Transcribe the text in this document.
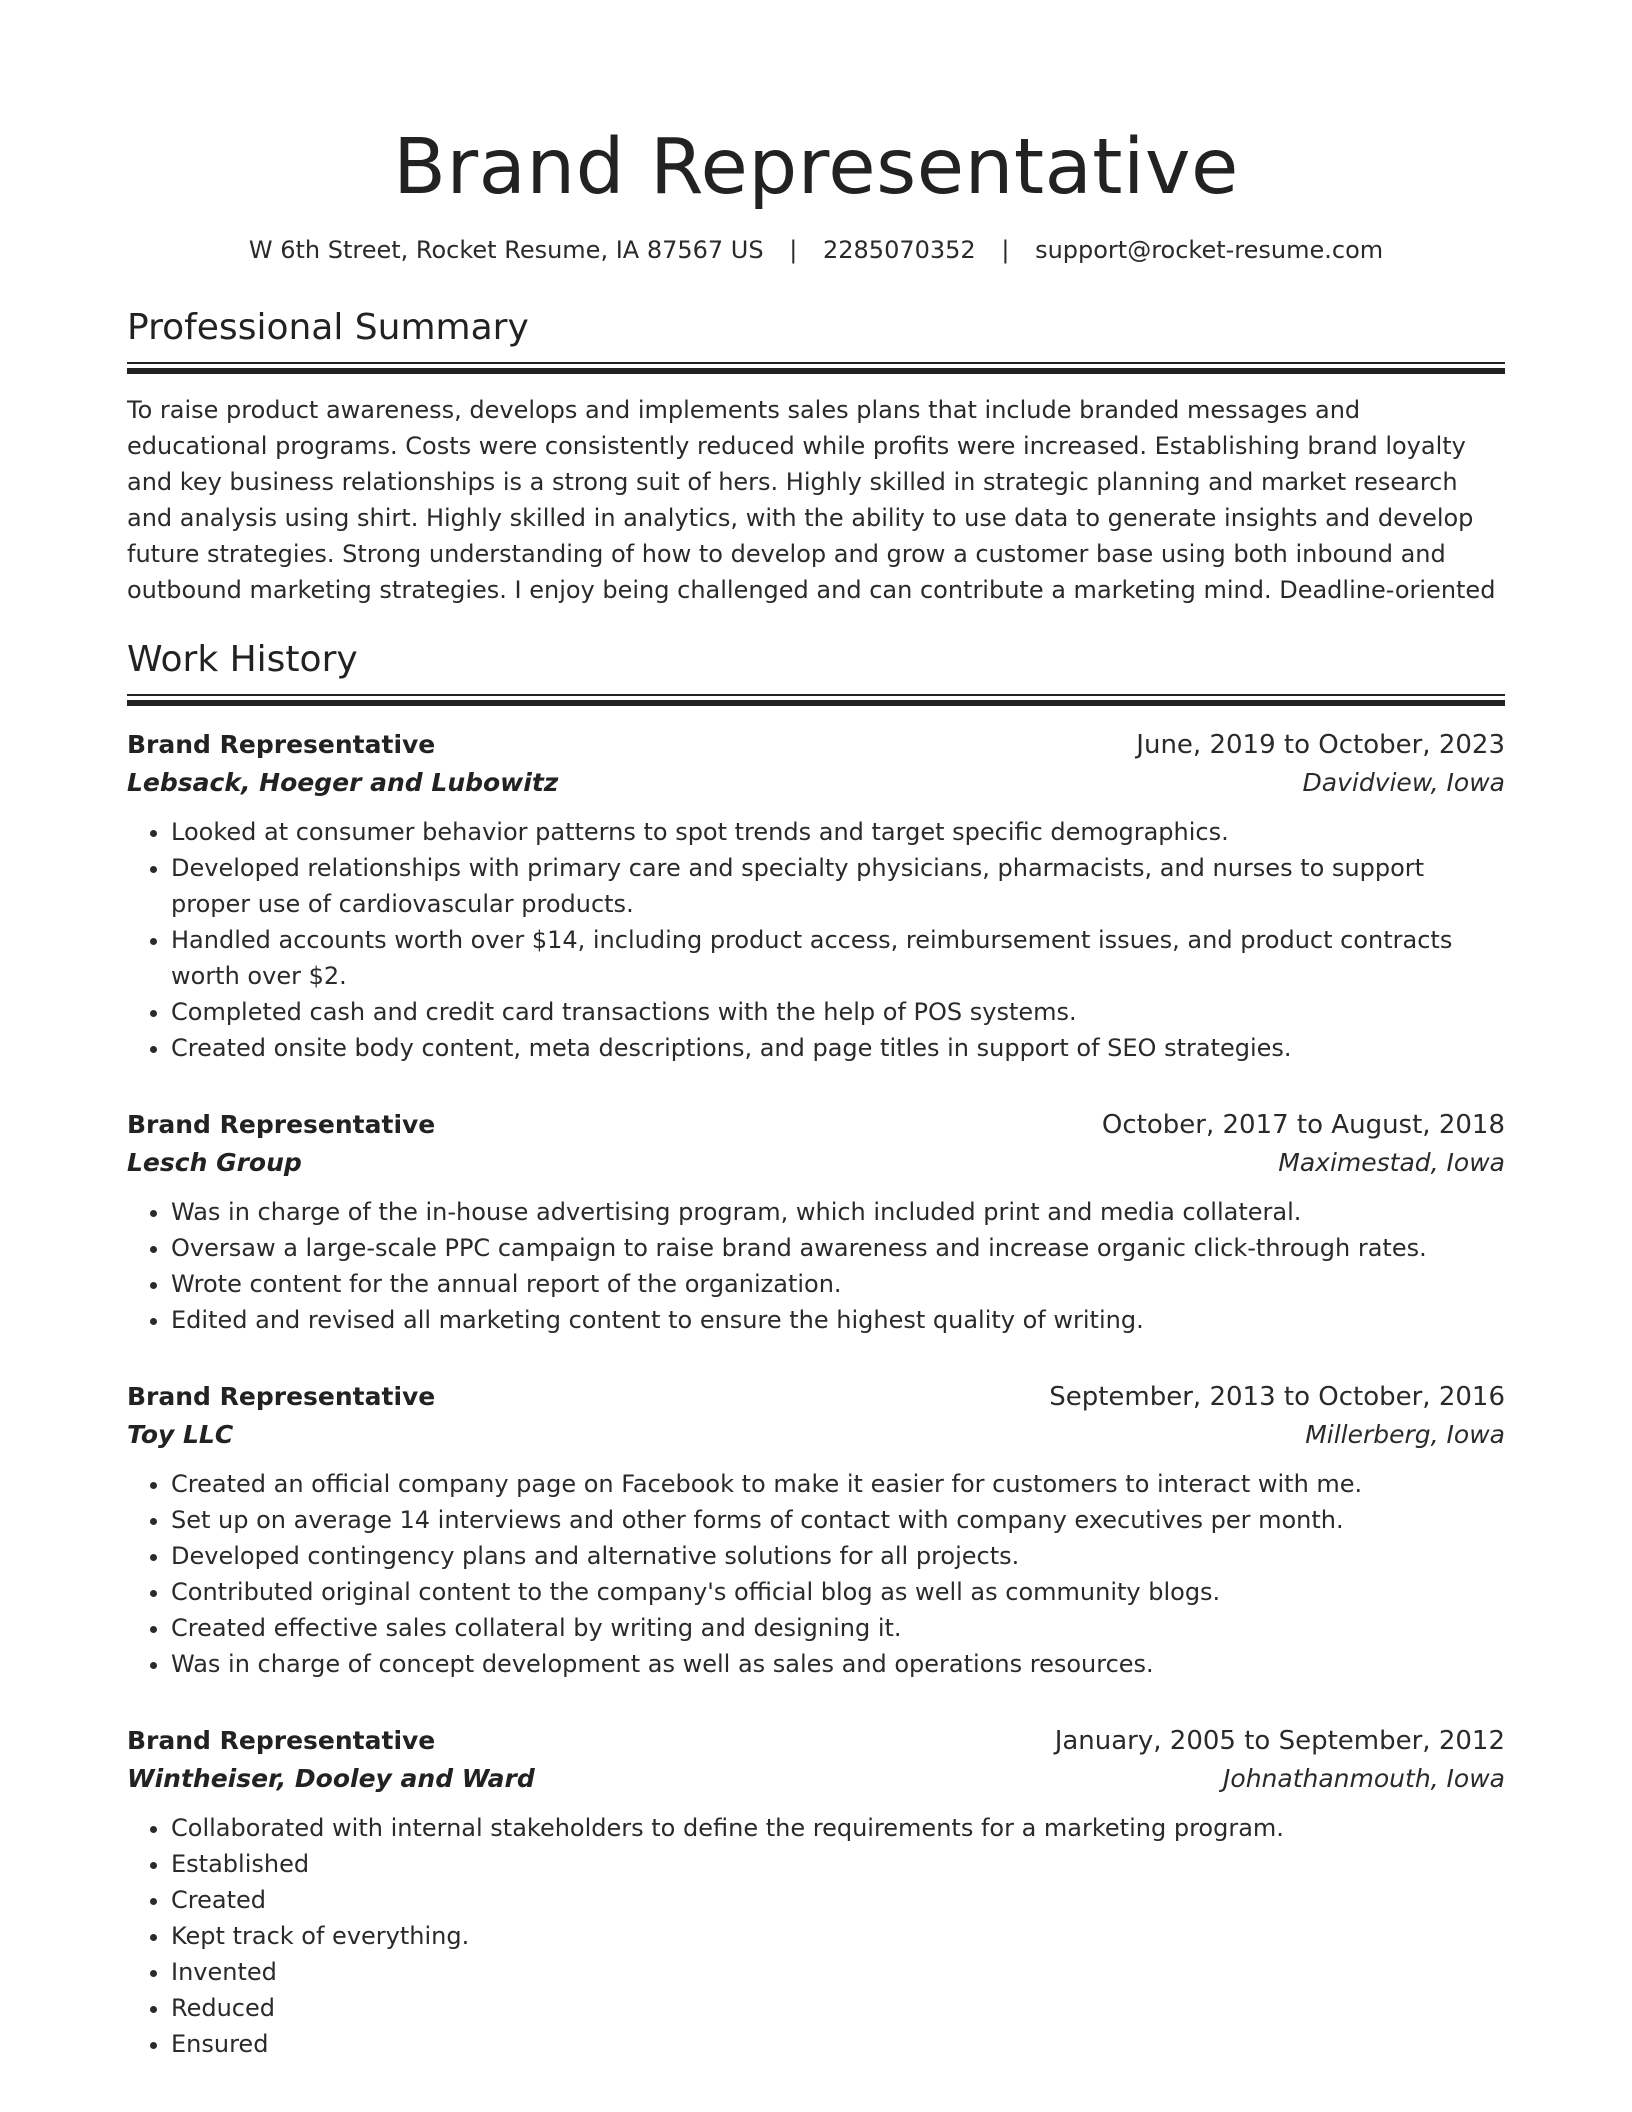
Brand Representative
W 6th Street, Rocket Resume, IA 87567 US | 2285070352 | support@rocket-resume.com
Professional Summary

To raise product awareness, develops and implements sales plans that include branded messages and educational programs. Costs were consistently reduced while profits were increased. Establishing brand loyalty and key business relationships is a strong suit of hers. Highly skilled in strategic planning and market research and analysis using shirt. Highly skilled in analytics, with the ability to use data to generate insights and develop future strategies. Strong understanding of how to develop and grow a customer base using both inbound and outbound marketing strategies. I enjoy being challenged and can contribute a marketing mind. Deadline-oriented

Work History
Brand Representative	June, 2019 to October, 2023
Lebsack, Hoeger and Lubowitz	Davidview, Iowa
• Looked at consumer behavior patterns to spot trends and target specific demographics.
• Developed relationships with primary care and specialty physicians, pharmacists, and nurses to support proper use of cardiovascular products.
• Handled accounts worth over $14, including product access, reimbursement issues, and product contracts worth over $2.
• Completed cash and credit card transactions with the help of POS systems.
• Created onsite body content, meta descriptions, and page titles in support of SEO strategies.
Brand Representative	October, 2017 to August, 2018
Lesch Group	Maximestad, Iowa
• Was in charge of the in-house advertising program, which included print and media collateral.
• Oversaw a large-scale PPC campaign to raise brand awareness and increase organic click-through rates.
• Wrote content for the annual report of the organization.
• Edited and revised all marketing content to ensure the highest quality of writing.
Brand Representative	September, 2013 to October, 2016
Toy LLC	Millerberg, Iowa
• Created an official company page on Facebook to make it easier for customers to interact with me.
• Set up on average 14 interviews and other forms of contact with company executives per month.
• Developed contingency plans and alternative solutions for all projects.
• Contributed original content to the company's official blog as well as community blogs.
• Created effective sales collateral by writing and designing it.
• Was in charge of concept development as well as sales and operations resources.
Brand Representative	January, 2005 to September, 2012
Wintheiser, Dooley and Ward	Johnathanmouth, Iowa
• Collaborated with internal stakeholders to define the requirements for a marketing program.
• Established
• Created
• Kept track of everything.
• Invented
• Reduced
• Ensured
